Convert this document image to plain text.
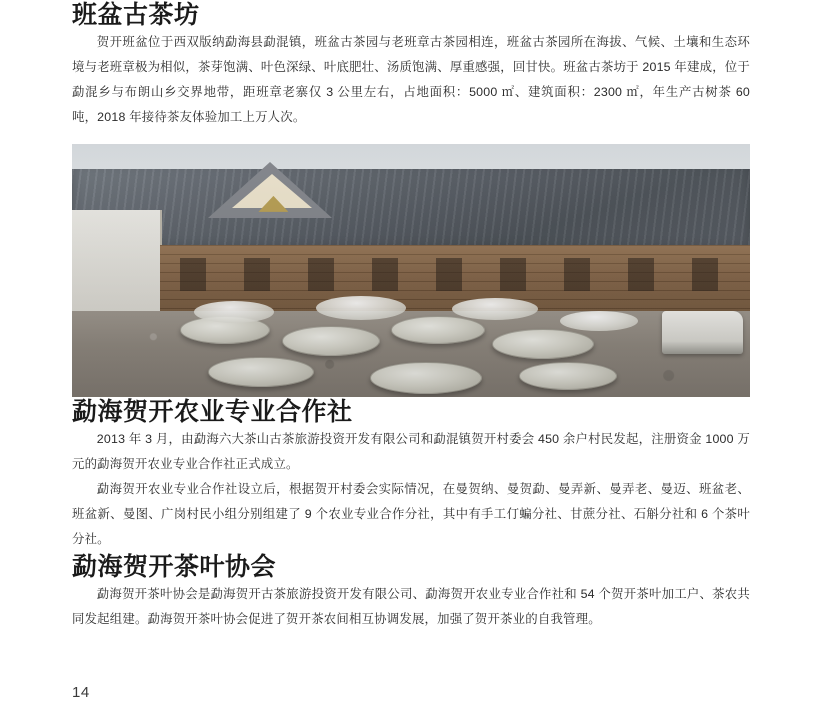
班盆古茶坊

贺开班盆位于西双版纳勐海县勐混镇，班盆古茶园与老班章古茶园相连，班盆古茶园所在海拔、气候、土壤和生态环境与老班章极为相似，茶芽饱满、叶色深绿、叶底肥壮、汤质饱满、厚重感强，回甘快。班盆古茶坊于 2015 年建成，位于勐混乡与布朗山乡交界地带，距班章老寨仅 3 公里左右，占地面积：5000 ㎡、建筑面积：2300 ㎡，年生产古树茶 60 吨，2018 年接待茶友体验加工上万人次。

勐海贺开农业专业合作社

2013 年 3 月，由勐海六大茶山古茶旅游投资开发有限公司和勐混镇贺开村委会 450 余户村民发起，注册资金 1000 万元的勐海贺开农业专业合作社正式成立。

勐海贺开农业专业合作社设立后，根据贺开村委会实际情况，在曼贺纳、曼贺勐、曼弄新、曼弄老、曼迈、班盆老、班盆新、曼图、广岗村民小组分别组建了 9 个农业专业合作分社，其中有手工仃蝙分社、甘蔗分社、石斛分社和 6 个茶叶分社。

勐海贺开茶叶协会

勐海贺开茶叶协会是勐海贺开古茶旅游投资开发有限公司、勐海贺开农业专业合作社和 54 个贺开茶叶加工户、茶农共同发起组建。勐海贺开茶叶协会促进了贺开茶农间相互协调发展，加强了贺开茶业的自我管理。

14
